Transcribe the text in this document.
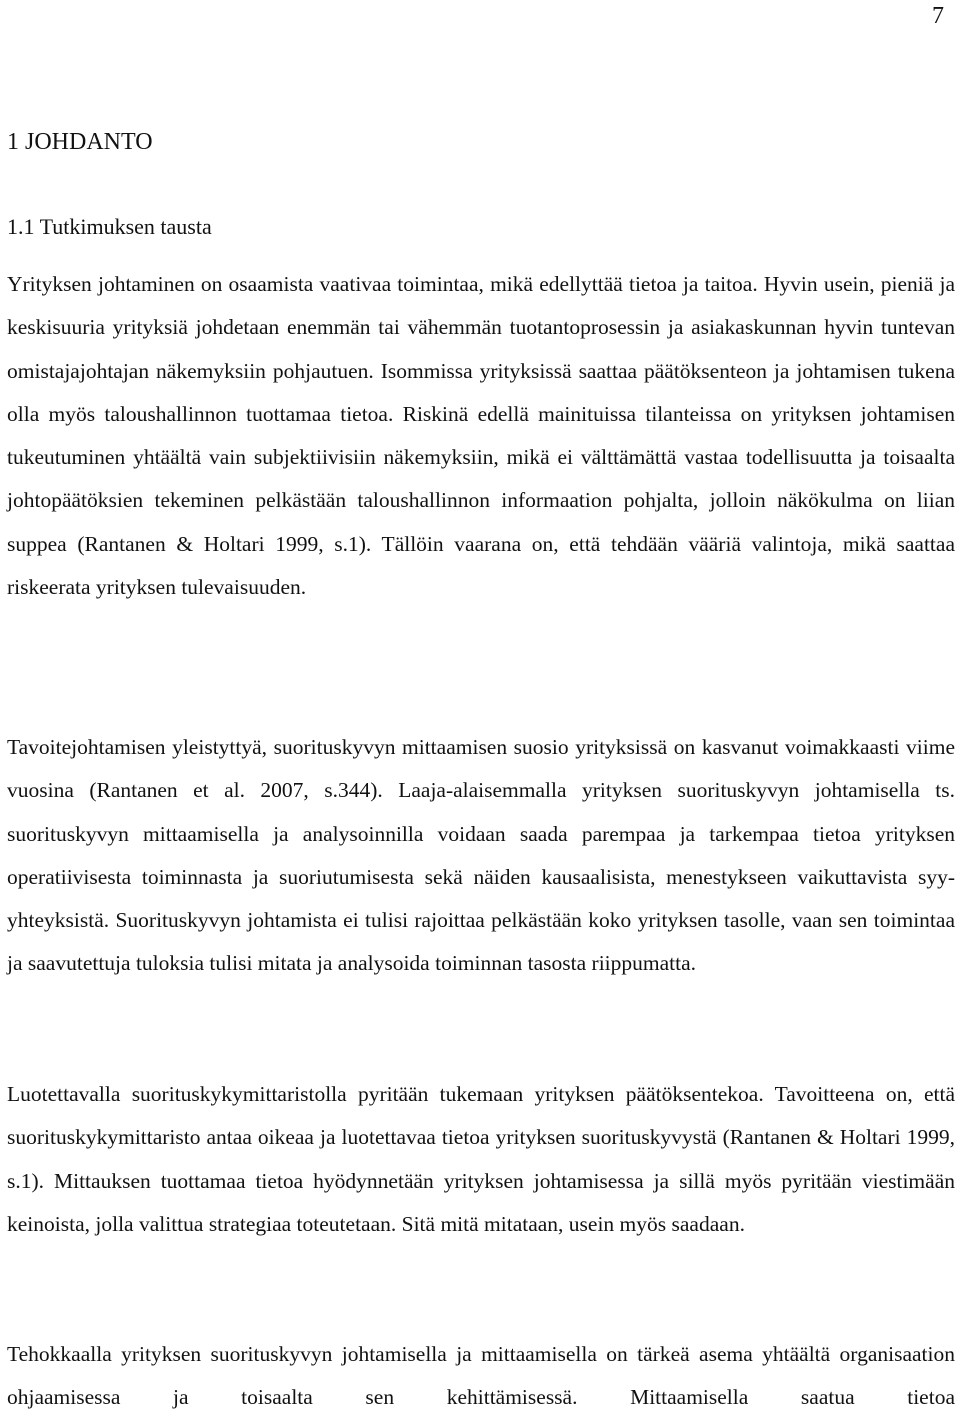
7
1 JOHDANTO
1.1 Tutkimuksen tausta

Yrityksen johtaminen on osaamista vaativaa toimintaa, mikä edellyttää tietoa ja taitoa. Hyvin usein, pieniä ja keskisuuria yrityksiä johdetaan enemmän tai vähemmän tuotantoprosessin ja asiakaskunnan hyvin tuntevan omistajajohtajan näkemyksiin pohjautuen. Isommissa yrityksissä saattaa päätöksenteon ja johtamisen tukena olla myös taloushallinnon tuottamaa tietoa. Riskinä edellä mainituissa tilanteissa on yrityksen johtamisen tukeutuminen yhtäältä vain subjektiivisiin näkemyksiin, mikä ei välttämättä vastaa todellisuutta ja toisaalta johtopäätöksien tekeminen pelkästään taloushallinnon informaation pohjalta, jolloin näkökulma on liian suppea (Rantanen & Holtari 1999, s.1). Tällöin vaarana on, että tehdään vääriä valintoja, mikä saattaa riskeerata yrityksen tulevaisuuden.

Tavoitejohtamisen yleistyttyä, suorituskyvyn mittaamisen suosio yrityksissä on kasvanut voimakkaasti viime vuosina (Rantanen et al. 2007, s.344). Laaja-alaisemmalla yrityksen suorituskyvyn johtamisella ts. suorituskyvyn mittaamisella ja analysoinnilla voidaan saada parempaa ja tarkempaa tietoa yrityksen operatiivisesta toiminnasta ja suoriutumisesta sekä näiden kausaalisista, menestykseen vaikuttavista syy-yhteyksistä. Suorituskyvyn johtamista ei tulisi rajoittaa pelkästään koko yrityksen tasolle, vaan sen toimintaa ja saavutettuja tuloksia tulisi mitata ja analysoida toiminnan tasosta riippumatta.

Luotettavalla suorituskykymittaristolla pyritään tukemaan yrityksen päätöksentekoa. Tavoitteena on, että suorituskykymittaristo antaa oikeaa ja luotettavaa tietoa yrityksen suorituskyvystä (Rantanen & Holtari 1999, s.1). Mittauksen tuottamaa tietoa hyödynnetään yrityksen johtamisessa ja sillä myös pyritään viestimään keinoista, jolla valittua strategiaa toteutetaan. Sitä mitä mitataan, usein myös saadaan.

Tehokkaalla yrityksen suorituskyvyn johtamisella ja mittaamisella on tärkeä asema yhtäältä organisaation ohjaamisessa ja toisaalta sen kehittämisessä. Mittaamisella saatua tietoa
